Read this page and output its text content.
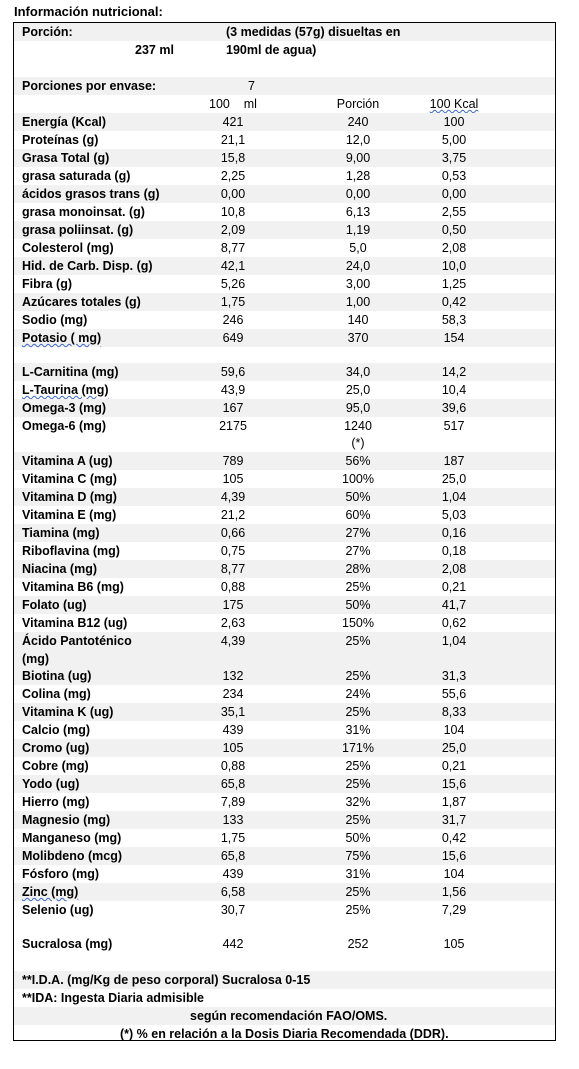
Información nutricional:
Porción:	(3 medidas (57g) disueltas en
237 ml	190ml de agua)
Porciones por envase:	7
100    ml	Porción	100 Kcal
Energía (Kcal)	421	240	100
Proteínas (g)	21,1	12,0	5,00
Grasa Total (g)	15,8	9,00	3,75
grasa saturada (g)	2,25	1,28	0,53
ácidos grasos trans (g)	0,00	0,00	0,00
grasa monoinsat. (g)	10,8	6,13	2,55
grasa poliinsat. (g)	2,09	1,19	0,50
Colesterol (mg)	8,77	5,0	2,08
Hid. de Carb. Disp. (g)	42,1	24,0	10,0
Fibra (g)	5,26	3,00	1,25
Azúcares totales (g)	1,75	1,00	0,42
Sodio (mg)	246	140	58,3
Potasio ( mg)	649	370	154
L-Carnitina (mg)	59,6	34,0	14,2
L-Taurina (mg)	43,9	25,0	10,4
Omega-3 (mg)	167	95,0	39,6
Omega-6 (mg)	2175	1240	517
Vitamina A (ug)	789	56%	187
Vitamina C (mg)	105	100%	25,0
Vitamina D (mg)	4,39	50%	1,04
Vitamina E (mg)	21,2	60%	5,03
Tiamina (mg)	0,66	27%	0,16
Riboflavina (mg)	0,75	27%	0,18
Niacina (mg)	8,77	28%	2,08
Vitamina B6 (mg)	0,88	25%	0,21
Folato (ug)	175	50%	41,7
Vitamina B12 (ug)	2,63	150%	0,62
Ácido Pantoténico (mg)
4,39	25%	1,04
Biotina (ug)	132	25%	31,3
Colina (mg)	234	24%	55,6
Vitamina K (ug)	35,1	25%	8,33
Calcio (mg)	439	31%	104
Cromo (ug)	105	171%	25,0
Cobre (mg)	0,88	25%	0,21
Yodo (ug)	65,8	25%	15,6
Hierro (mg)	7,89	32%	1,87
Magnesio (mg)	133	25%	31,7
Manganeso (mg)	1,75	50%	0,42
Molibdeno (mcg)	65,8	75%	15,6
Fósforo (mg)	439	31%	104
Zinc (mg)	6,58	25%	1,56
Selenio (ug)	30,7	25%	7,29
(*)
Sucralosa (mg)	442	252	105
**I.D.A. (mg/Kg de peso corporal) Sucralosa 0-15
**IDA: Ingesta Diaria admisible
según recomendación FAO/OMS.
(*) % en relación a la Dosis Diaria Recomendada (DDR).
